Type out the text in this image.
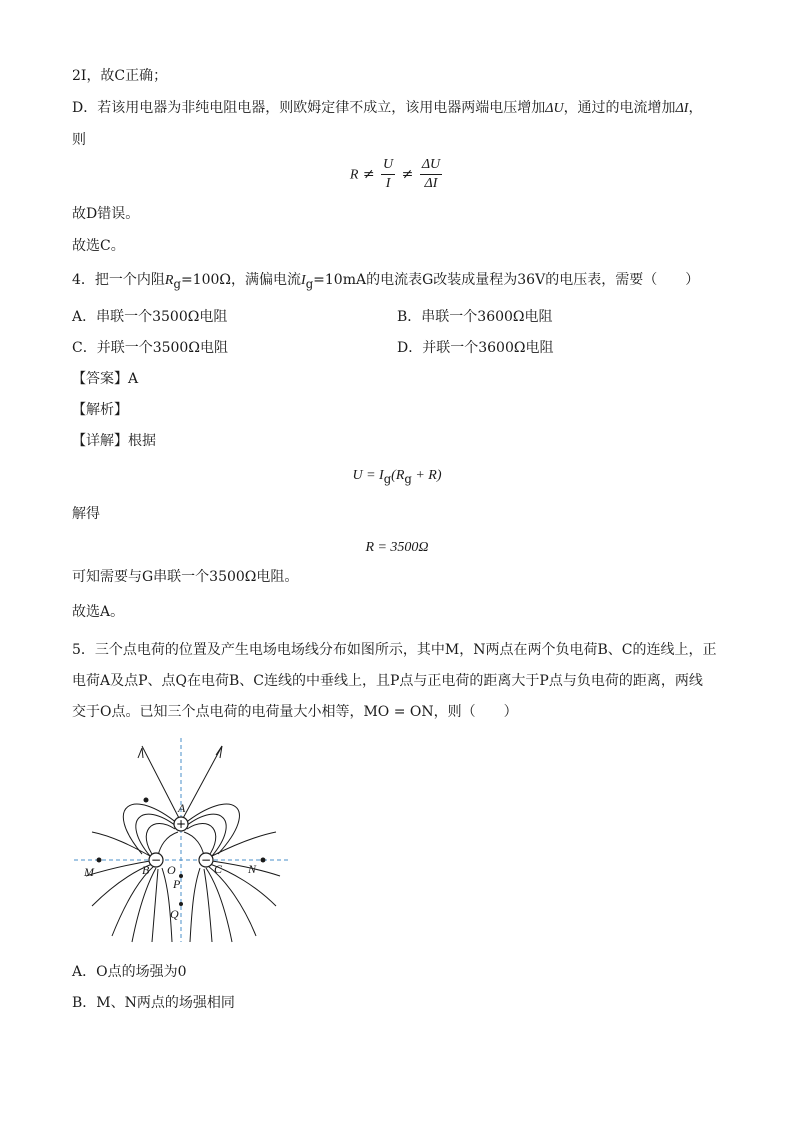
2I，故C正确；
D．若该用电器为非纯电阻电器，则欧姆定律不成立，该用电器两端电压增加ΔU，通过的电流增加ΔI，
则
$R \ne \frac{U}{I} \ne \frac{\Delta U}{\Delta I}$
故D错误。
故选C。
4．把一个内阻$R_g=100\Omega$，满偏电流$I_g=10mA$的电流表G改装成量程为36V的电压表，需要（　　）
A．串联一个3500Ω电阻	B．串联一个3600Ω电阻
C．并联一个3500Ω电阻	D．并联一个3600Ω电阻
【答案】A
【解析】
【详解】根据
$U = I_g(R_g + R)$
解得
R = 3500Ω
可知需要与G串联一个3500Ω电阻。
故选A。
5．三个点电荷的位置及产生电场电场线分布如图所示，其中M，N两点在两个负电荷B、C的连线上，正
电荷A及点P、点Q在电荷B、C连线的中垂线上，且P点与正电荷的距离大于P点与负电荷的距离，两线
交于O点。已知三个点电荷的电荷量大小相等，MO = ON，则（　　）
+
−	−
A
B	C
O
P
Q
M	N
A．O点的场强为0
B．M、N两点的场强相同
